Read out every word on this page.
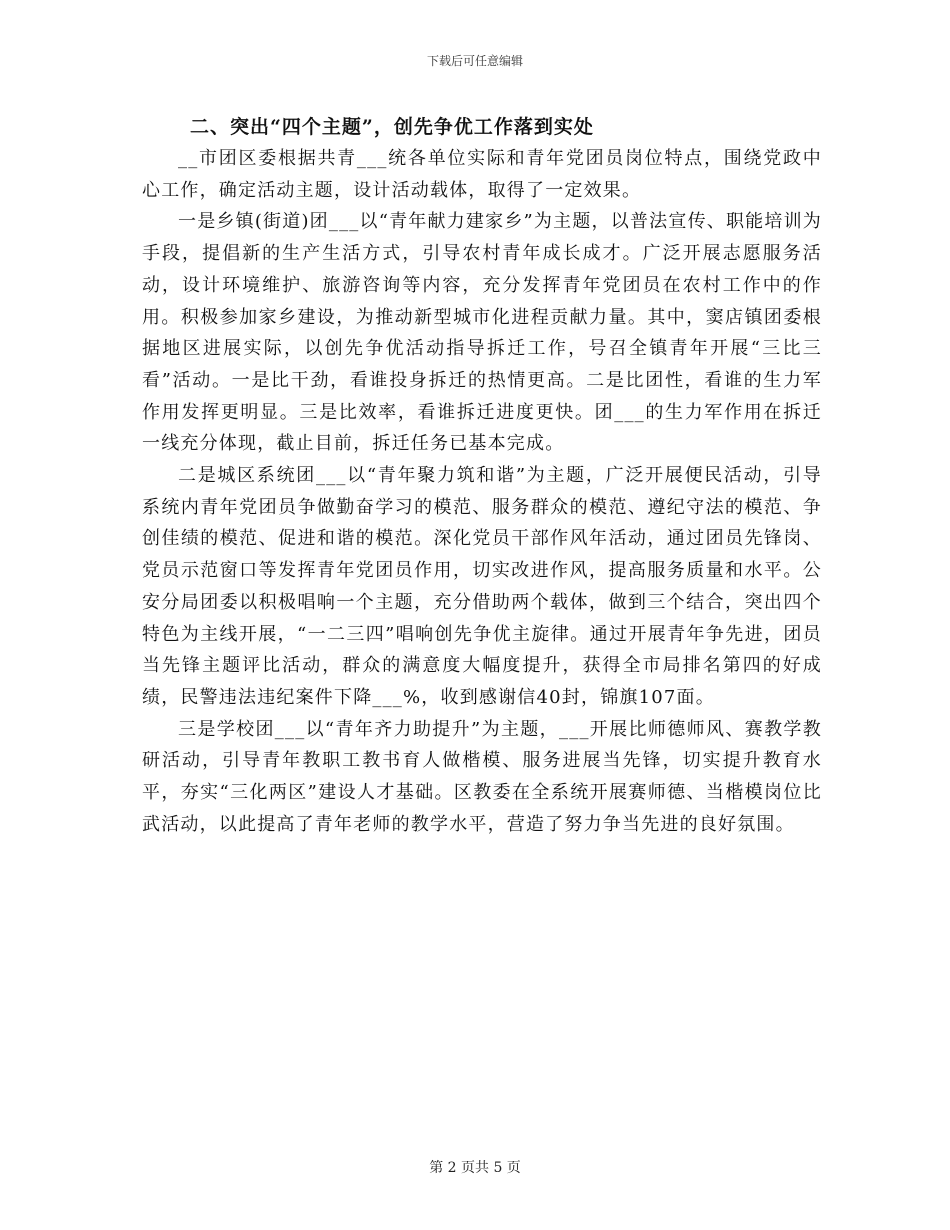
下载后可任意编辑
二、突出“四个主题”，创先争优工作落到实处

__市团区委根据共青___统各单位实际和青年党团员岗位特点，围绕党政中心工作，确定活动主题，设计活动载体，取得了一定效果。

一是乡镇(街道)团___以“青年献力建家乡”为主题，以普法宣传、职能培训为手段，提倡新的生产生活方式，引导农村青年成长成才。广泛开展志愿服务活动，设计环境维护、旅游咨询等内容，充分发挥青年党团员在农村工作中的作用。积极参加家乡建设，为推动新型城市化进程贡献力量。其中，窦店镇团委根据地区进展实际，以创先争优活动指导拆迁工作，号召全镇青年开展“三比三看”活动。一是比干劲，看谁投身拆迁的热情更高。二是比团性，看谁的生力军作用发挥更明显。三是比效率，看谁拆迁进度更快。团___的生力军作用在拆迁一线充分体现，截止目前，拆迁任务已基本完成。

二是城区系统团___以“青年聚力筑和谐”为主题，广泛开展便民活动，引导系统内青年党团员争做勤奋学习的模范、服务群众的模范、遵纪守法的模范、争创佳绩的模范、促进和谐的模范。深化党员干部作风年活动，通过团员先锋岗、党员示范窗口等发挥青年党团员作用，切实改进作风，提高服务质量和水平。公安分局团委以积极唱响一个主题，充分借助两个载体，做到三个结合，突出四个特色为主线开展，“一二三四”唱响创先争优主旋律。通过开展青年争先进，团员当先锋主题评比活动，群众的满意度大幅度提升，获得全市局排名第四的好成绩，民警违法违纪案件下降___%，收到感谢信40封，锦旗107面。

三是学校团___以“青年齐力助提升”为主题，___开展比师德师风、赛教学教研活动，引导青年教职工教书育人做楷模、服务进展当先锋，切实提升教育水平，夯实“三化两区”建设人才基础。区教委在全系统开展赛师德、当楷模岗位比武活动，以此提高了青年老师的教学水平，营造了努力争当先进的良好氛围。

第 2 页共 5 页
